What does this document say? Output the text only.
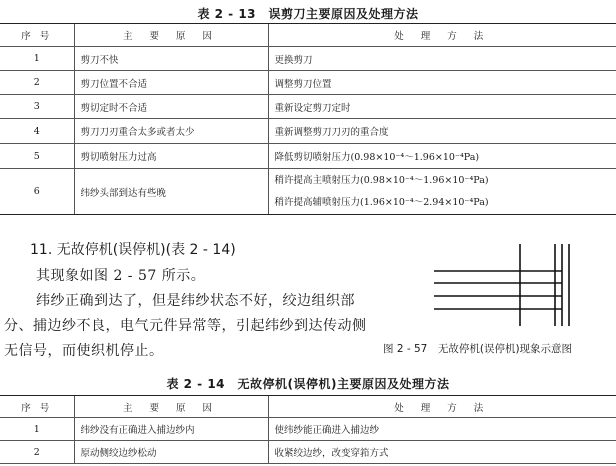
表 2 - 13　误剪刀主要原因及处理方法
序 号	主 要 原 因	处 理 方 法
1	剪刀不快	更换剪刀
2	剪刀位置不合适	调整剪刀位置
3	剪切定时不合适	重新设定剪刀定时
4	剪刀刀刃重合太多或者太少	重新调整剪刀刀刃的重合度
5	剪切喷射压力过高	降低剪切喷射压力(0.98×10⁻⁴～1.96×10⁻⁴Pa)
6	纬纱头部到达有些晚	稍许提高主喷射压力(0.98×10⁻⁴～1.96×10⁻⁴Pa)
稍许提高辅喷射压力(1.96×10⁻⁴～2.94×10⁻⁴Pa)
11. 无故停机(误停机)(表 2 - 14)
其现象如图 2 - 57 所示。
纬纱正确到达了，但是纬纱状态不好，绞边组织部
分、捕边纱不良，电气元件异常等，引起纬纱到达传动侧
无信号，而使织机停止。	图 2 - 57　无故停机(误停机)现象示意图
表 2 - 14　无故停机(误停机)主要原因及处理方法
序 号	主 要 原 因	处 理 方 法
1	纬纱没有正确进入捕边纱内	使纬纱能正确进入捕边纱
2	原动侧绞边纱松动	收紧绞边纱，改变穿筘方式
